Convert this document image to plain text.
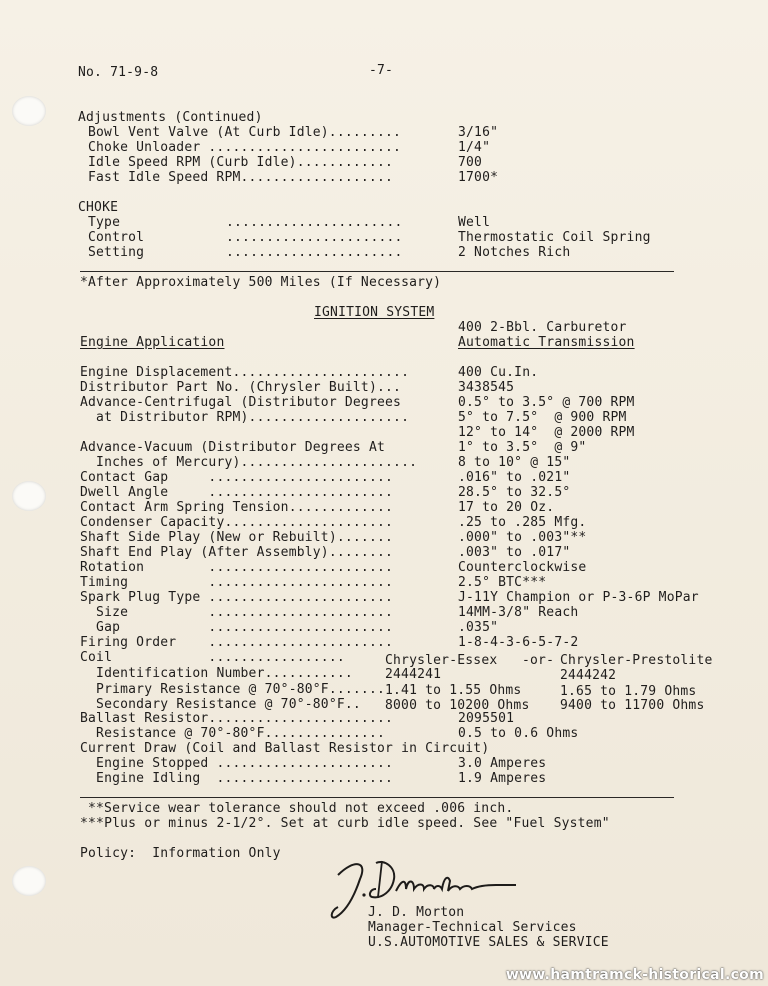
No. 71-9-8	-7-
Adjustments (Continued)
Bowl Vent Valve (At Curb Idle).........	3/16"
Choke Unloader ........................	1/4"
Idle Speed RPM (Curb Idle)............	700
Fast Idle Speed RPM...................	1700*
CHOKE
Type	......................	Well
Control	......................	Thermostatic Coil Spring
Setting	......................	2 Notches Rich
*After Approximately 500 Miles (If Necessary)
IGNITION SYSTEM
400 2-Bbl. Carburetor
Engine Application	Automatic Transmission
Engine Displacement......................	400 Cu.In.
Distributor Part No. (Chrysler Built)...	3438545
Advance-Centrifugal (Distributor Degrees	0.5° to 3.5° @ 700 RPM
at Distributor RPM)....................	5° to 7.5°  @ 900 RPM
12° to 14°  @ 2000 RPM
Advance-Vacuum (Distributor Degrees At	1° to 3.5°  @ 9"
Inches of Mercury)......................	8 to 10° @ 15"
Contact Gap     .......................	.016" to .021"
Dwell Angle     .......................	28.5° to 32.5°
Contact Arm Spring Tension.............	17 to 20 Oz.
Condenser Capacity.....................	.25 to .285 Mfg.
Shaft Side Play (New or Rebuilt).......	.000" to .003"**
Shaft End Play (After Assembly)........	.003" to .017"
Rotation        .......................	Counterclockwise
Timing          .......................	2.5° BTC***
Spark Plug Type .......................	J-11Y Champion or P-3-6P MoPar
Size          .......................	14MM-3/8" Reach
Gap           .......................	.035"
Firing Order    .......................	1-8-4-3-6-5-7-2
Coil            .................	Chrysler-Essex -or- Chrysler-Prestolite
Identification Number........... 2444241	2444242
Primary Resistance @ 70°-80°F....... 1.41 to 1.55 Ohms	1.65 to 1.79 Ohms
Secondary Resistance @ 70°-80°F.. 8000 to 10200 Ohms 9400 to 11700 Ohms
Ballast Resistor.......................	2095501
Resistance @ 70°-80°F...............	0.5 to 0.6 Ohms
Current Draw (Coil and Ballast Resistor in Circuit)
Engine Stopped ......................	3.0 Amperes
Engine Idling  ......................	1.9 Amperes
**Service wear tolerance should not exceed .006 inch.
***Plus or minus 2-1/2°. Set at curb idle speed. See "Fuel System"
Policy:  Information Only
J. D. Morton
Manager-Technical Services
U.S.AUTOMOTIVE SALES & SERVICE
www.hamtramck-historical.com
